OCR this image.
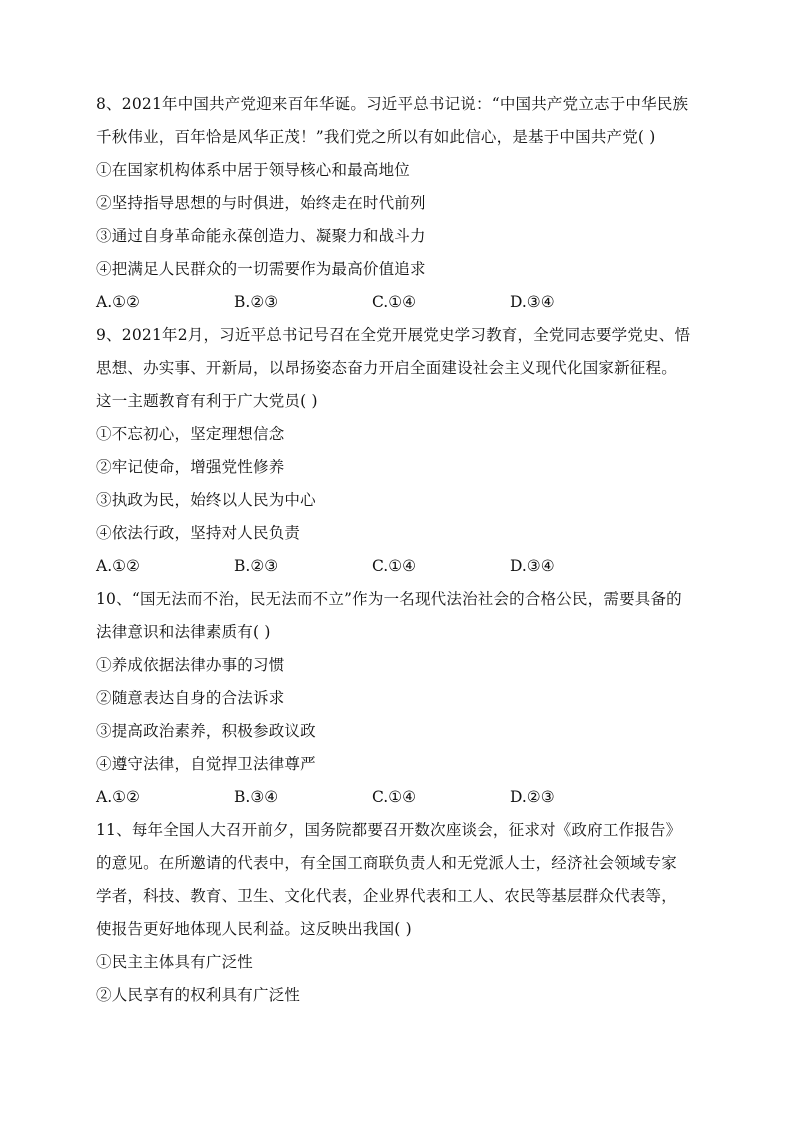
8、2021年中国共产党迎来百年华诞。习近平总书记说：“中国共产党立志于中华民族
千秋伟业，百年恰是风华正茂！”我们党之所以有如此信心，是基于中国共产党( )
①在国家机构体系中居于领导核心和最高地位
②坚持指导思想的与时俱进，始终走在时代前列
③通过自身革命能永葆创造力、凝聚力和战斗力
④把满足人民群众的一切需要作为最高价值追求
A.①②	B.②③	C.①④	D.③④
9、2021年2月，习近平总书记号召在全党开展党史学习教育，全党同志要学党史、悟
思想、办实事、开新局，以昂扬姿态奋力开启全面建设社会主义现代化国家新征程。
这一主题教育有利于广大党员( )
①不忘初心，坚定理想信念
②牢记使命，增强党性修养
③执政为民，始终以人民为中心
④依法行政，坚持对人民负责
A.①②	B.②③	C.①④	D.③④
10、“国无法而不治，民无法而不立”作为一名现代法治社会的合格公民，需要具备的
法律意识和法律素质有( )
①养成依据法律办事的习惯
②随意表达自身的合法诉求
③提高政治素养，积极参政议政
④遵守法律，自觉捍卫法律尊严
A.①②	B.③④	C.①④	D.②③
11、每年全国人大召开前夕，国务院都要召开数次座谈会，征求对《政府工作报告》
的意见。在所邀请的代表中，有全国工商联负责人和无党派人士，经济社会领域专家
学者，科技、教育、卫生、文化代表，企业界代表和工人、农民等基层群众代表等，
使报告更好地体现人民利益。这反映出我国( )
①民主主体具有广泛性
②人民享有的权利具有广泛性
